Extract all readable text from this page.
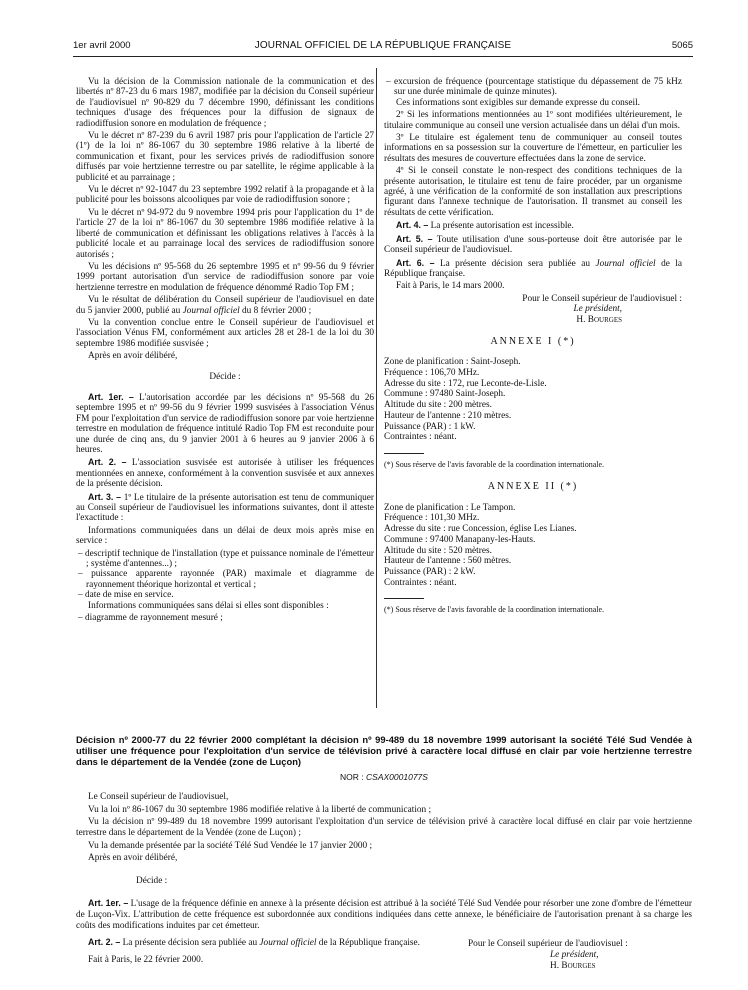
1er avril 2000	JOURNAL OFFICIEL DE LA RÉPUBLIQUE FRANÇAISE	5065

Vu la décision de la Commission nationale de la communication et des libertés nº 87-23 du 6 mars 1987, modifiée par la décision du Conseil supérieur de l'audiovisuel nº 90-829 du 7 décembre 1990, définissant les conditions techniques d'usage des fréquences pour la diffusion de signaux de radiodiffusion sonore en modulation de fréquence ;

Vu le décret nº 87-239 du 6 avril 1987 pris pour l'application de l'article 27 (1º) de la loi nº 86-1067 du 30 septembre 1986 relative à la liberté de communication et fixant, pour les services privés de radiodiffusion sonore diffusés par voie hertzienne terrestre ou par satellite, le régime applicable à la publicité et au parrainage ;

Vu le décret nº 92-1047 du 23 septembre 1992 relatif à la propagande et à la publicité pour les boissons alcooliques par voie de radiodiffusion sonore ;

Vu le décret nº 94-972 du 9 novembre 1994 pris pour l'application du 1º de l'article 27 de la loi nº 86-1067 du 30 septembre 1986 modifiée relative à la liberté de communication et définissant les obligations relatives à l'accès à la publicité locale et au parrainage local des services de radiodiffusion sonore autorisés ;

Vu les décisions nº 95-568 du 26 septembre 1995 et nº 99-56 du 9 février 1999 portant autorisation d'un service de radiodiffusion sonore par voie hertzienne terrestre en modulation de fréquence dénommé Radio Top FM ;

Vu le résultat de délibération du Conseil supérieur de l'audiovisuel en date du 5 janvier 2000, publié au Journal officiel du 8 février 2000 ;

Vu la convention conclue entre le Conseil supérieur de l'audiovisuel et l'association Vénus FM, conformément aux articles 28 et 28-1 de la loi du 30 septembre 1986 modifiée susvisée ;

Après en avoir délibéré,

Décide :

Art. 1er. – L'autorisation accordée par les décisions nº 95-568 du 26 septembre 1995 et nº 99-56 du 9 février 1999 susvisées à l'association Vénus FM pour l'exploitation d'un service de radiodiffusion sonore par voie hertzienne terrestre en modulation de fréquence intitulé Radio Top FM est reconduite pour une durée de cinq ans, du 9 janvier 2001 à 6 heures au 9 janvier 2006 à 6 heures.

Art. 2. – L'association susvisée est autorisée à utiliser les fréquences mentionnées en annexe, conformément à la convention susvisée et aux annexes de la présente décision.

Art. 3. – 1º Le titulaire de la présente autorisation est tenu de communiquer au Conseil supérieur de l'audiovisuel les informations suivantes, dont il atteste l'exactitude :

Informations communiquées dans un délai de deux mois après mise en service :

– descriptif technique de l'installation (type et puissance nominale de l'émetteur ; système d'antennes...) ;

– puissance apparente rayonnée (PAR) maximale et diagramme de rayonnement théorique horizontal et vertical ;

– date de mise en service.

Informations communiquées sans délai si elles sont disponibles :

– diagramme de rayonnement mesuré ;

– excursion de fréquence (pourcentage statistique du dépassement de 75 kHz sur une durée minimale de quinze minutes).

Ces informations sont exigibles sur demande expresse du conseil.

2º Si les informations mentionnées au 1º sont modifiées ultérieurement, le titulaire communique au conseil une version actualisée dans un délai d'un mois.

3º Le titulaire est également tenu de communiquer au conseil toutes informations en sa possession sur la couverture de l'émetteur, en particulier les résultats des mesures de couverture effectuées dans la zone de service.

4º Si le conseil constate le non-respect des conditions techniques de la présente autorisation, le titulaire est tenu de faire procéder, par un organisme agréé, à une vérification de la conformité de son installation aux prescriptions figurant dans l'annexe technique de l'autorisation. Il transmet au conseil les résultats de cette vérification.

Art. 4. – La présente autorisation est incessible.

Art. 5. – Toute utilisation d'une sous-porteuse doit être autorisée par le Conseil supérieur de l'audiovisuel.

Art. 6. – La présente décision sera publiée au Journal officiel de la République française.

Fait à Paris, le 14 mars 2000.

Pour le Conseil supérieur de l'audiovisuel :

Le président,

H. Bourges

ANNEXE I (*)

Zone de planification : Saint-Joseph.

Fréquence : 106,70 MHz.

Adresse du site : 172, rue Leconte-de-Lisle.

Commune : 97480 Saint-Joseph.

Altitude du site : 200 mètres.

Hauteur de l'antenne : 210 mètres.

Puissance (PAR) : 1 kW.

Contraintes : néant.

(*) Sous réserve de l'avis favorable de la coordination internationale.

ANNEXE II (*)

Zone de planification : Le Tampon.

Fréquence : 101,30 MHz.

Adresse du site : rue Concession, église Les Lianes.

Commune : 97400 Manapany-les-Hauts.

Altitude du site : 520 mètres.

Hauteur de l'antenne : 560 mètres.

Puissance (PAR) : 2 kW.

Contraintes : néant.

(*) Sous réserve de l'avis favorable de la coordination internationale.

Décision nº 2000-77 du 22 février 2000 complétant la décision nº 99-489 du 18 novembre 1999 autorisant la société Télé Sud Vendée à utiliser une fréquence pour l'exploitation d'un service de télévision privé à caractère local diffusé en clair par voie hertzienne terrestre dans le département de la Vendée (zone de Luçon)

NOR : CSAX0001077S

Le Conseil supérieur de l'audiovisuel,

Vu la loi nº 86-1067 du 30 septembre 1986 modifiée relative à la liberté de communication ;

Vu la décision nº 99-489 du 18 novembre 1999 autorisant l'exploitation d'un service de télévision privé à caractère local diffusé en clair par voie hertzienne terrestre dans le département de la Vendée (zone de Luçon) ;

Vu la demande présentée par la société Télé Sud Vendée le 17 janvier 2000 ;

Après en avoir délibéré,

Décide :

Art. 1er. – L'usage de la fréquence définie en annexe à la présente décision est attribué à la société Télé Sud Vendée pour résorber une zone d'ombre de l'émetteur de Luçon-Vix. L'attribution de cette fréquence est subordonnée aux conditions indiquées dans cette annexe, le bénéficiaire de l'autorisation prenant à sa charge les coûts des modifications induites par cet émetteur.

Art. 2. – La présente décision sera publiée au Journal officiel de la République française.

Fait à Paris, le 22 février 2000.

Pour le Conseil supérieur de l'audiovisuel :
Le président,
H. Bourges
